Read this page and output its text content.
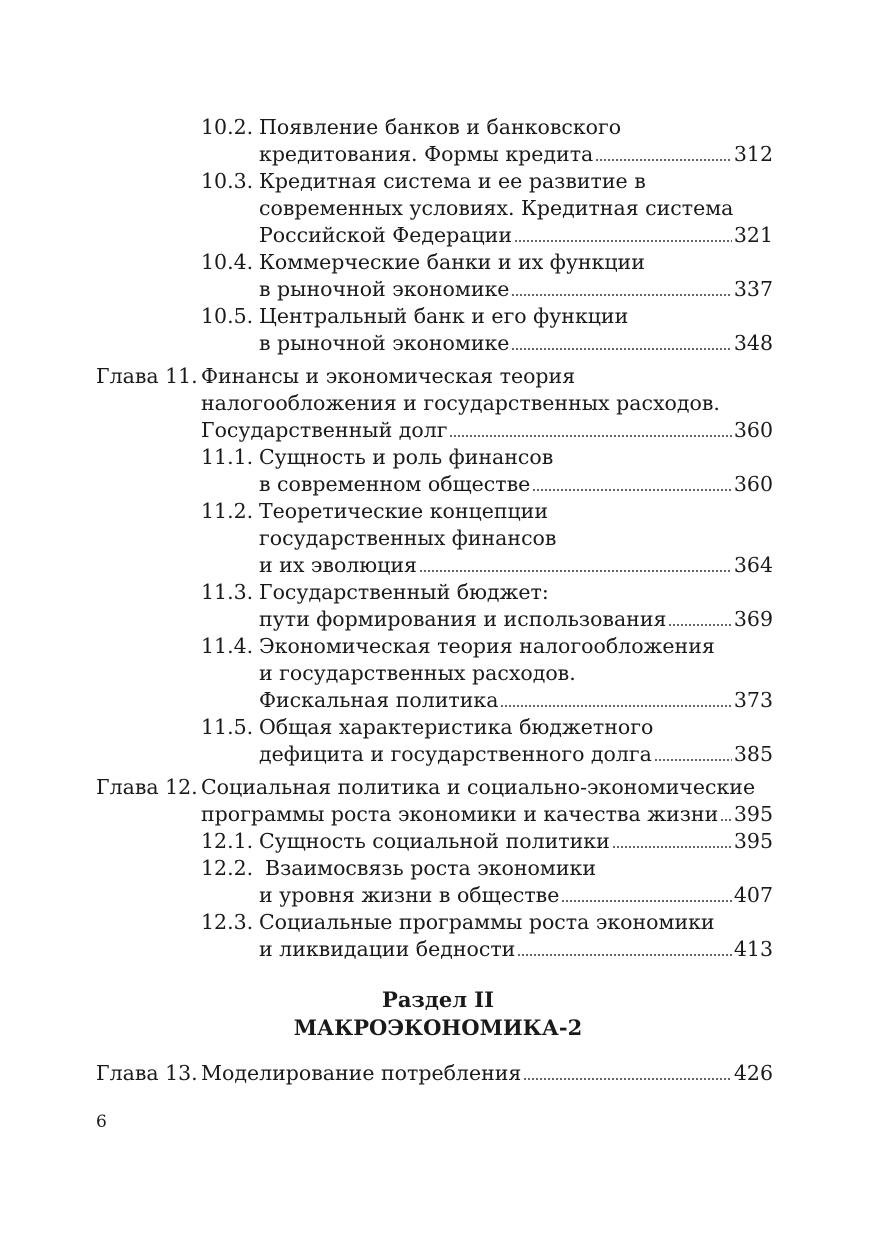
10.2. Появление банков и банковского
кредитования. Формы кредита	312
10.3. Кредитная система и ее развитие в
современных условиях. Кредитная система
Российской Федерации	321
10.4. Коммерческие банки и их функции
в рыночной экономике	337
10.5. Центральный банк и его функции
в рыночной экономике	348
Глава 11. Финансы и экономическая теория
налогообложения и государственных расходов.
Государственный долг	360
11.1. Сущность и роль финансов
в современном обществе	360
11.2. Теоретические концепции
государственных финансов
и их эволюция	364
11.3. Государственный бюджет:
пути формирования и использования	369
11.4. Экономическая теория налогообложения
и государственных расходов.
Фискальная политика	373
11.5. Общая характеристика бюджетного
дефицита и государственного долга	385
Глава 12. Социальная политика и социально-экономические
программы роста экономики и качества жизни 395
12.1. Сущность социальной политики	395
12.2. Взаимосвязь роста экономики
и уровня жизни в обществе	407
12.3. Социальные программы роста экономики
и ликвидации бедности	413
Раздел II
МАКРОЭКОНОМИКА-2
Глава 13. Моделирование потребления	426
6
